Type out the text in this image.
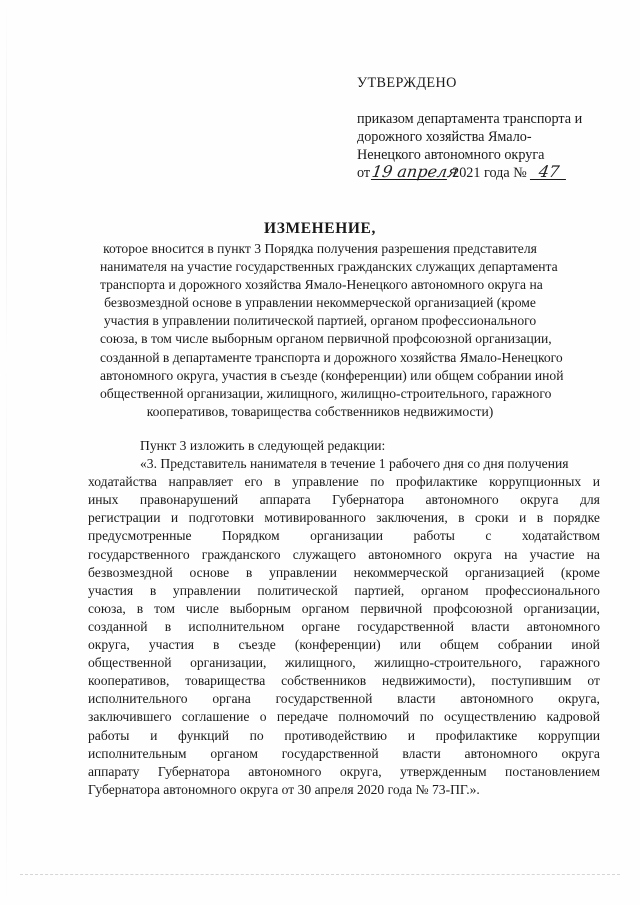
УТВЕРЖДЕНО
приказом департамента транспорта и
дорожного хозяйства Ямало-
Ненецкого автономного округа
от19 апреля2021 года № 47
ИЗМЕНЕНИЕ,
которое вносится в пункт 3 Порядка получения разрешения представителя
нанимателя на участие государственных гражданских служащих департамента
транспорта и дорожного хозяйства Ямало-Ненецкого автономного округа на
безвозмездной основе в управлении некоммерческой организацией (кроме
участия в управлении политической партией, органом профессионального
союза, в том числе выборным органом первичной профсоюзной организации,
созданной в департаменте транспорта и дорожного хозяйства Ямало-Ненецкого
автономного округа, участия в съезде (конференции) или общем собрании иной
общественной организации, жилищного, жилищно-строительного, гаражного
кооперативов, товарищества собственников недвижимости)
Пункт 3 изложить в следующей редакции:
«3. Представитель нанимателя в течение 1 рабочего дня со дня получения
ходатайства направляет его в управление по профилактике коррупционных и
иных правонарушений аппарата Губернатора автономного округа для
регистрации и подготовки мотивированного заключения, в сроки и в порядке
предусмотренные Порядком организации работы с ходатайством
государственного гражданского служащего автономного округа на участие на
безвозмездной основе в управлении некоммерческой организацией (кроме
участия в управлении политической партией, органом профессионального
союза, в том числе выборным органом первичной профсоюзной организации,
созданной в исполнительном органе государственной власти автономного
округа, участия в съезде (конференции) или общем собрании иной
общественной организации, жилищного, жилищно-строительного, гаражного
кооперативов, товарищества собственников недвижимости), поступившим от
исполнительного органа государственной власти автономного округа,
заключившего соглашение о передаче полномочий по осуществлению кадровой
работы и функций по противодействию и профилактике коррупции
исполнительным органом государственной власти автономного округа
аппарату Губернатора автономного округа, утвержденным постановлением
Губернатора автономного округа от 30 апреля 2020 года № 73-ПГ.».
